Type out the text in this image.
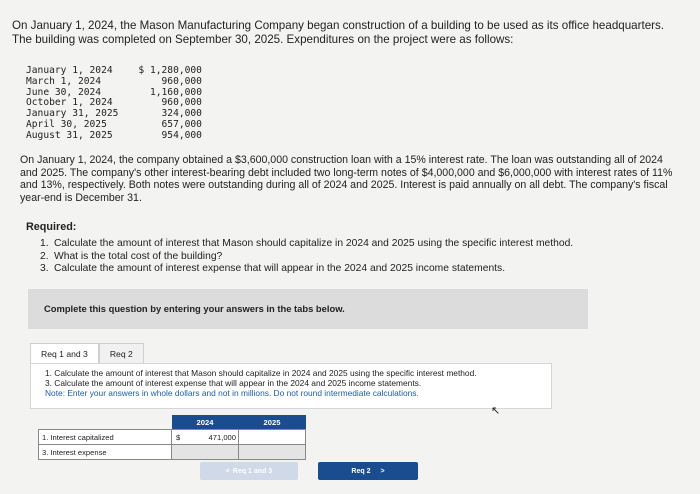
On January 1, 2024, the Mason Manufacturing Company began construction of a building to be used as its office headquarters. The building was completed on September 30, 2025. Expenditures on the project were as follows:
January 1, 2024	$ 1,280,000
March 1, 2024	960,000
June 30, 2024	1,160,000
October 1, 2024	960,000
January 31, 2025	324,000
April 30, 2025	657,000
August 31, 2025	954,000
On January 1, 2024, the company obtained a $3,600,000 construction loan with a 15% interest rate. The loan was outstanding all of 2024 and 2025. The company's other interest-bearing debt included two long-term notes of $4,000,000 and $6,000,000 with interest rates of 11% and 13%, respectively. Both notes were outstanding during all of 2024 and 2025. Interest is paid annually on all debt. The company's fiscal year-end is December 31.
Required:
1. Calculate the amount of interest that Mason should capitalize in 2024 and 2025 using the specific interest method.
2. What is the total cost of the building?
3. Calculate the amount of interest expense that will appear in the 2024 and 2025 income statements.
Complete this question by entering your answers in the tabs below.
Req 1 and 3	Req 2
1. Calculate the amount of interest that Mason should capitalize in 2024 and 2025 using the specific interest method.
3. Calculate the amount of interest expense that will appear in the 2024 and 2025 income statements.
Note: Enter your answers in whole dollars and not in millions. Do not round intermediate calculations.
↖
	2024	2025
1. Interest capitalized	$ 471,000	

3. Interest expense	

< Req 1 and 3	Req 2 >
